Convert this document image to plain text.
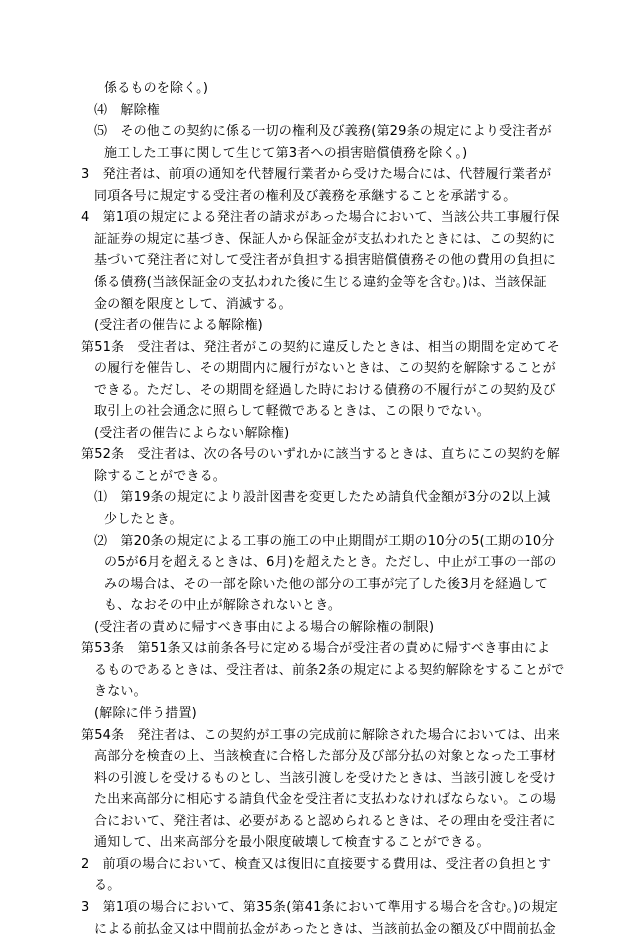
係るものを除く。)
⑷　解除権
⑸　その他この契約に係る一切の権利及び義務(第29条の規定により受注者が
施工した工事に関して生じて第3者への損害賠償債務を除く。)
3　発注者は、前項の通知を代替履行業者から受けた場合には、代替履行業者が
同項各号に規定する受注者の権利及び義務を承継することを承諾する。
4　第1項の規定による発注者の請求があった場合において、当該公共工事履行保
証証券の規定に基づき、保証人から保証金が支払われたときには、この契約に
基づいて発注者に対して受注者が負担する損害賠償債務その他の費用の負担に
係る債務(当該保証金の支払われた後に生じる違約金等を含む。)は、当該保証
金の額を限度として、消滅する。
(受注者の催告による解除権)
第51条　受注者は、発注者がこの契約に違反したときは、相当の期間を定めてそ
の履行を催告し、その期間内に履行がないときは、この契約を解除することが
できる。ただし、その期間を経過した時における債務の不履行がこの契約及び
取引上の社会通念に照らして軽微であるときは、この限りでない。
(受注者の催告によらない解除権)
第52条　受注者は、次の各号のいずれかに該当するときは、直ちにこの契約を解
除することができる。
⑴　第19条の規定により設計図書を変更したため請負代金額が3分の2以上減
少したとき。
⑵　第20条の規定による工事の施工の中止期間が工期の10分の5(工期の10分
の5が6月を超えるときは、6月)を超えたとき。ただし、中止が工事の一部の
みの場合は、その一部を除いた他の部分の工事が完了した後3月を経過して
も、なおその中止が解除されないとき。
(受注者の責めに帰すべき事由による場合の解除権の制限)
第53条　第51条又は前条各号に定める場合が受注者の責めに帰すべき事由によ
るものであるときは、受注者は、前条2条の規定による契約解除をすることがで
きない。
(解除に伴う措置)
第54条　発注者は、この契約が工事の完成前に解除された場合においては、出来
高部分を検査の上、当該検査に合格した部分及び部分払の対象となった工事材
料の引渡しを受けるものとし、当該引渡しを受けたときは、当該引渡しを受け
た出来高部分に相応する請負代金を受注者に支払わなければならない。この場
合において、発注者は、必要があると認められるときは、その理由を受注者に
通知して、出来高部分を最小限度破壊して検査することができる。
2　前項の場合において、検査又は復旧に直接要する費用は、受注者の負担とす
る。
3　第1項の場合において、第35条(第41条において準用する場合を含む。)の規定
による前払金又は中間前払金があったときは、当該前払金の額及び中間前払金
